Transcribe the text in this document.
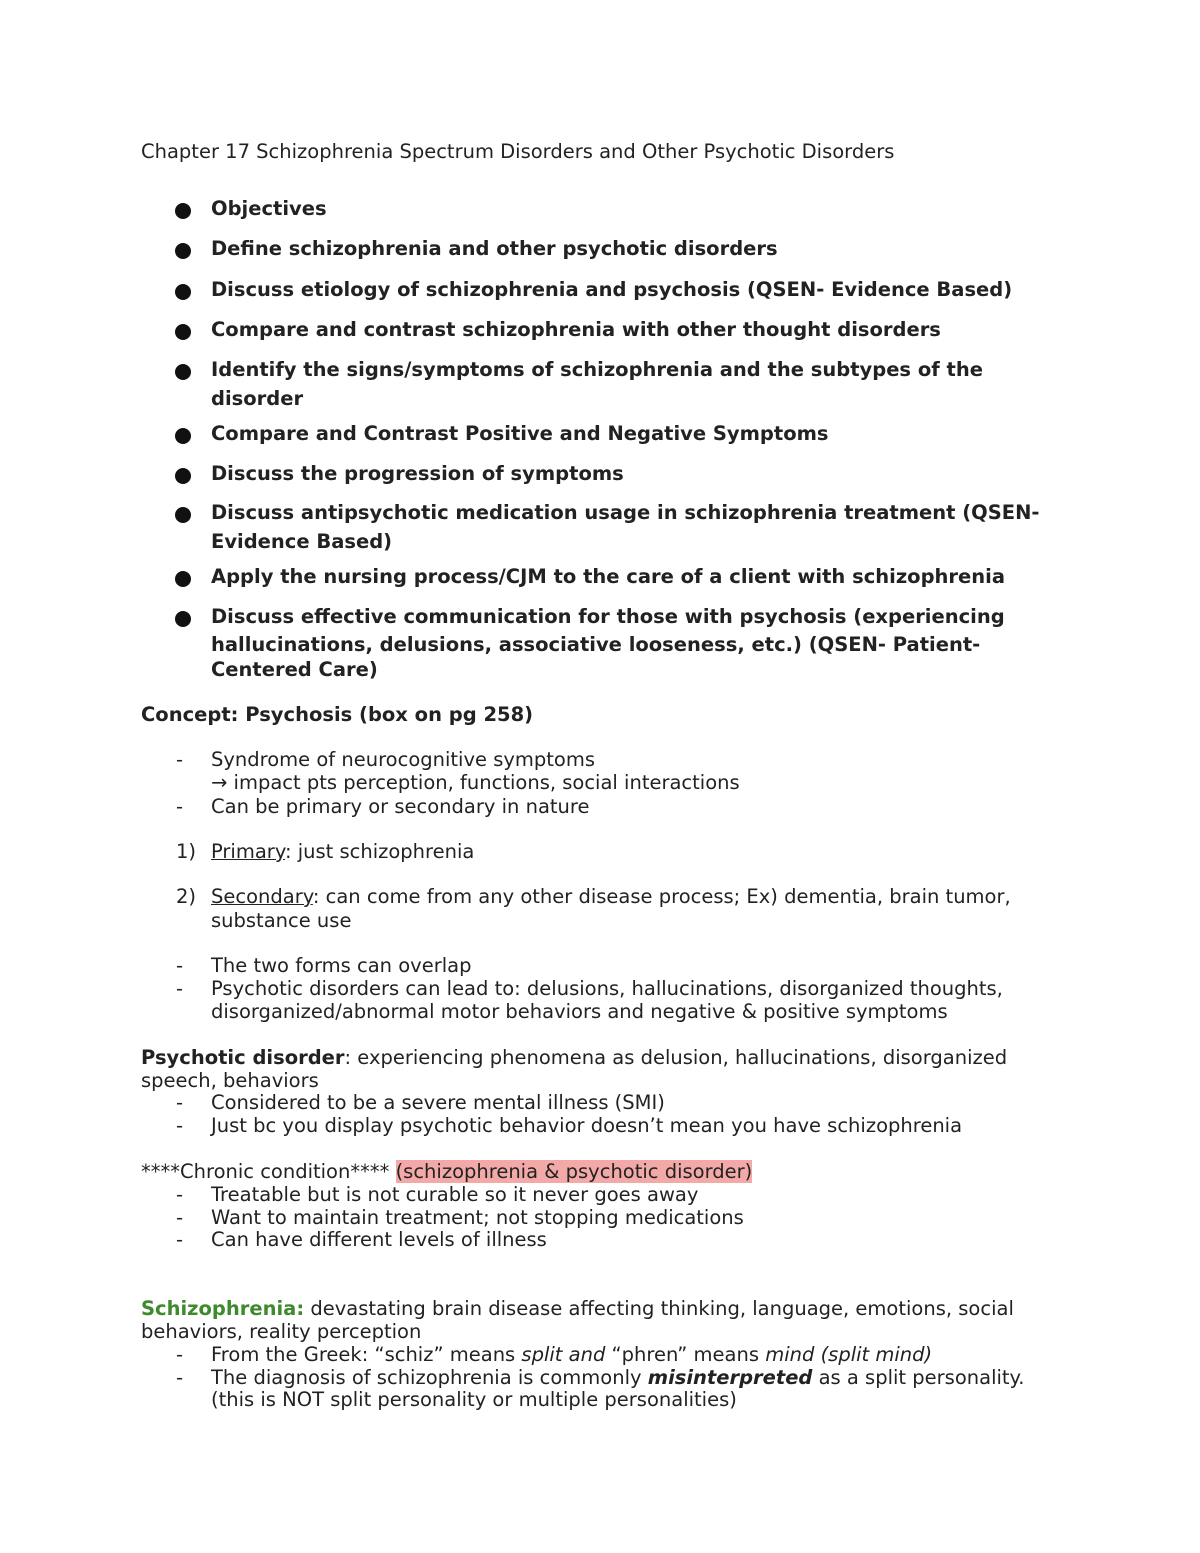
Chapter 17 Schizophrenia Spectrum Disorders and Other Psychotic Disorders
Objectives
Define schizophrenia and other psychotic disorders
Discuss etiology of schizophrenia and psychosis (QSEN- Evidence Based)
Compare and contrast schizophrenia with other thought disorders
Identify the signs/symptoms of schizophrenia and the subtypes of the
disorder
Compare and Contrast Positive and Negative Symptoms
Discuss the progression of symptoms
Discuss antipsychotic medication usage in schizophrenia treatment (QSEN-
Evidence Based)
Apply the nursing process/CJM to the care of a client with schizophrenia
Discuss effective communication for those with psychosis (experiencing
hallucinations, delusions, associative looseness, etc.) (QSEN- Patient-
Centered Care)
Concept: Psychosis (box on pg 258)
- Syndrome of neurocognitive symptoms
→ impact pts perception, functions, social interactions
- Can be primary or secondary in nature
1) Primary: just schizophrenia
2) Secondary: can come from any other disease process; Ex) dementia, brain tumor,
substance use
- The two forms can overlap
- Psychotic disorders can lead to: delusions, hallucinations, disorganized thoughts,
disorganized/abnormal motor behaviors and negative & positive symptoms
Psychotic disorder: experiencing phenomena as delusion, hallucinations, disorganized
speech, behaviors
- Considered to be a severe mental illness (SMI)
- Just bc you display psychotic behavior doesn’t mean you have schizophrenia
****Chronic condition**** (schizophrenia & psychotic disorder)
- Treatable but is not curable so it never goes away
- Want to maintain treatment; not stopping medications
- Can have different levels of illness
Schizophrenia: devastating brain disease affecting thinking, language, emotions, social
behaviors, reality perception
- From the Greek: “schiz” means split and “phren” means mind (split mind)
- The diagnosis of schizophrenia is commonly misinterpreted as a split personality.
(this is NOT split personality or multiple personalities)
